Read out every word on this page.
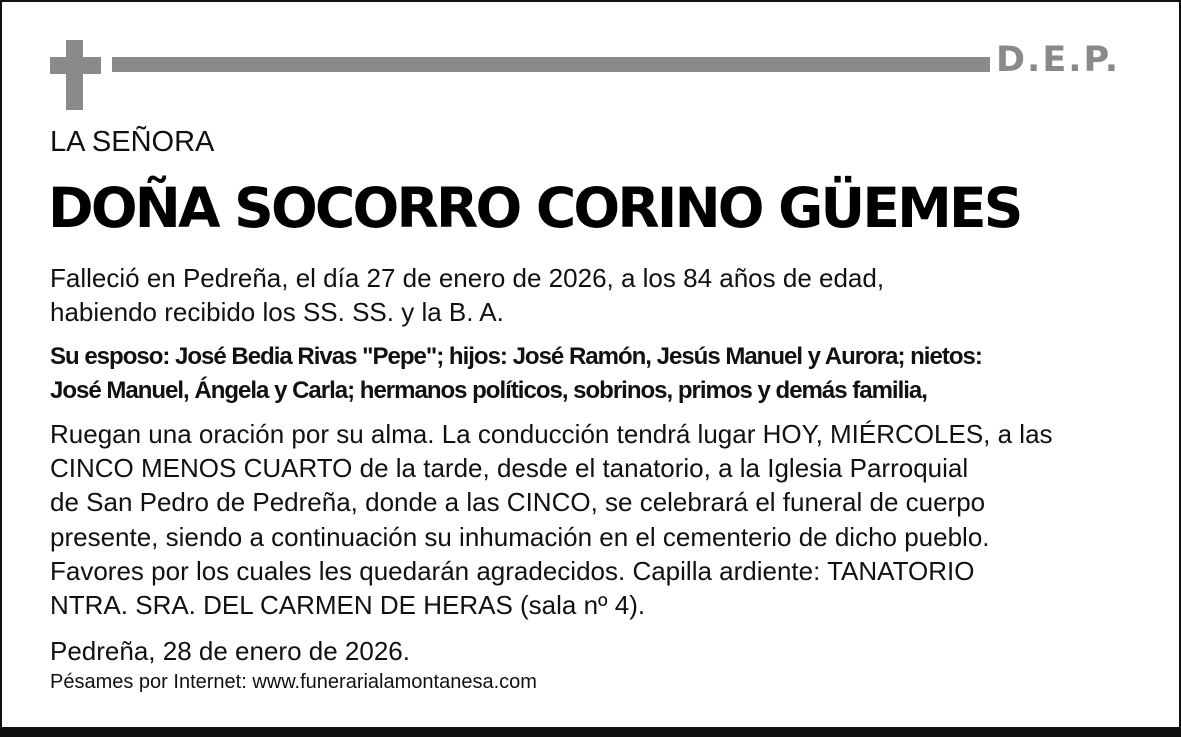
D.E.P.
LA SEÑORA
DOÑA SOCORRO CORINO GÜEMES
Falleció en Pedreña, el día 27 de enero de 2026, a los 84 años de edad,
habiendo recibido los SS. SS. y la B. A.
Su esposo: José Bedia Rivas "Pepe"; hijos: José Ramón, Jesús Manuel y Aurora; nietos:
José Manuel, Ángela y Carla; hermanos políticos, sobrinos, primos y demás familia,
Ruegan una oración por su alma. La conducción tendrá lugar HOY, MIÉRCOLES, a las
CINCO MENOS CUARTO de la tarde, desde el tanatorio, a la Iglesia Parroquial
de San Pedro de Pedreña, donde a las CINCO, se celebrará el funeral de cuerpo
presente, siendo a continuación su inhumación en el cementerio de dicho pueblo.
Favores por los cuales les quedarán agradecidos. Capilla ardiente: TANATORIO
NTRA. SRA. DEL CARMEN DE HERAS (sala nº 4).
Pedreña, 28 de enero de 2026.
Pésames por Internet: www.funerarialamontanesa.com
